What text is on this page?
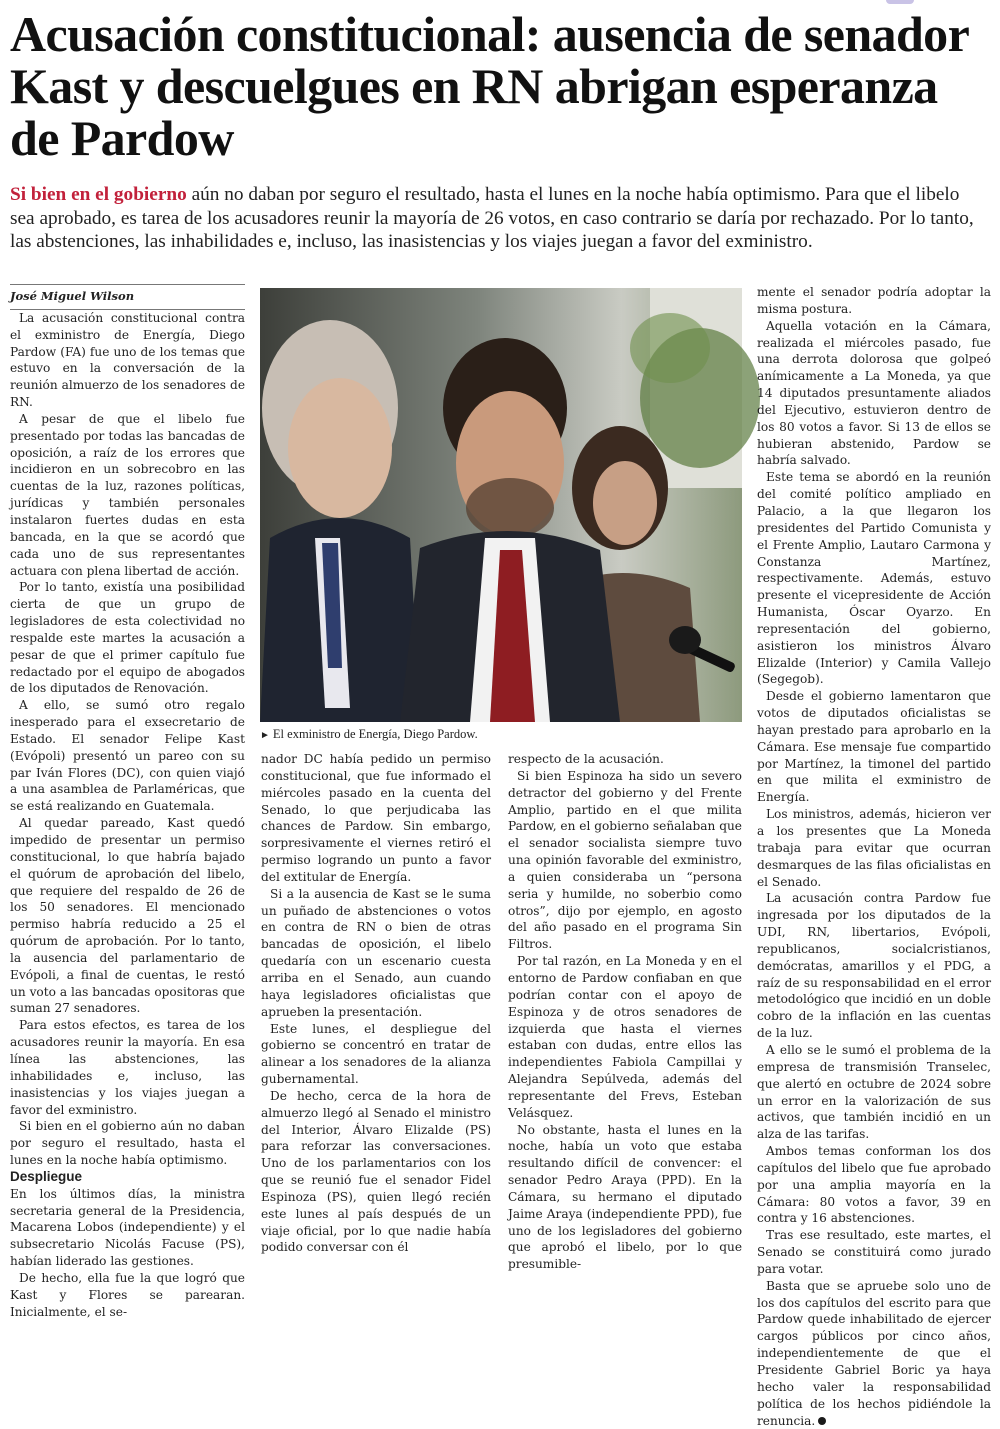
Acusación constitucional: ausencia de senador Kast y descuelgues en RN abrigan esperanza de Pardow

Si bien en el gobierno aún no daban por seguro el resultado, hasta el lunes en la noche había optimismo. Para que el libelo sea aprobado, es tarea de los acusadores reunir la mayoría de 26 votos, en caso contrario se daría por rechazado. Por lo tanto, las abstenciones, las inhabilidades e, incluso, las inasistencias y los viajes juegan a favor del exministro.

José Miguel Wilson

La acusación constitucional contra el exministro de Energía, Diego Pardow (FA) fue uno de los temas que estuvo en la conversación de la reunión almuerzo de los senadores de RN.

A pesar de que el libelo fue presentado por todas las bancadas de oposición, a raíz de los errores que incidieron en un sobrecobro en las cuentas de la luz, razones políticas, jurídicas y también personales instalaron fuertes dudas en esta bancada, en la que se acordó que cada uno de sus representantes actuara con plena libertad de acción.

Por lo tanto, existía una posibilidad cierta de que un grupo de legisladores de esta colectividad no respalde este martes la acusación a pesar de que el primer capítulo fue redactado por el equipo de abogados de los diputados de Renovación.

A ello, se sumó otro regalo inesperado para el exsecretario de Estado. El senador Felipe Kast (Evópoli) presentó un pareo con su par Iván Flores (DC), con quien viajó a una asamblea de Parlaméricas, que se está realizando en Guatemala.

Al quedar pareado, Kast quedó impedido de presentar un permiso constitucional, lo que habría bajado el quórum de aprobación del libelo, que requiere del respaldo de 26 de los 50 senadores. El mencionado permiso habría reducido a 25 el quórum de aprobación. Por lo tanto, la ausencia del parlamentario de Evópoli, a final de cuentas, le restó un voto a las bancadas opositoras que suman 27 senadores.

Para estos efectos, es tarea de los acusadores reunir la mayoría. En esa línea las abstenciones, las inhabilidades e, incluso, las inasistencias y los viajes juegan a favor del exministro.

Si bien en el gobierno aún no daban por seguro el resultado, hasta el lunes en la noche había optimismo.

Despliegue

En los últimos días, la ministra secretaria general de la Presidencia, Macarena Lobos (independiente) y el subsecretario Nicolás Facuse (PS), habían liderado las gestiones.

De hecho, ella fue la que logró que Kast y Flores se parearan. Inicialmente, el se-

► El exministro de Energía, Diego Pardow.

nador DC había pedido un permiso constitucional, que fue informado el miércoles pasado en la cuenta del Senado, lo que perjudicaba las chances de Pardow. Sin embargo, sorpresivamente el viernes retiró el permiso logrando un punto a favor del extitular de Energía.

Si a la ausencia de Kast se le suma un puñado de abstenciones o votos en contra de RN o bien de otras bancadas de oposición, el libelo quedaría con un escenario cuesta arriba en el Senado, aun cuando haya legisladores oficialistas que aprueben la presentación.

Este lunes, el despliegue del gobierno se concentró en tratar de alinear a los senadores de la alianza gubernamental.

De hecho, cerca de la hora de almuerzo llegó al Senado el ministro del Interior, Álvaro Elizalde (PS) para reforzar las conversaciones. Uno de los parlamentarios con los que se reunió fue el senador Fidel Espinoza (PS), quien llegó recién este lunes al país después de un viaje oficial, por lo que nadie había podido conversar con él

respecto de la acusación.

Si bien Espinoza ha sido un severo detractor del gobierno y del Frente Amplio, partido en el que milita Pardow, en el gobierno señalaban que el senador socialista siempre tuvo una opinión favorable del exministro, a quien consideraba un “persona seria y humilde, no soberbio como otros”, dijo por ejemplo, en agosto del año pasado en el programa Sin Filtros.

Por tal razón, en La Moneda y en el entorno de Pardow confiaban en que podrían contar con el apoyo de Espinoza y de otros senadores de izquierda que hasta el viernes estaban con dudas, entre ellos las independientes Fabiola Campillai y Alejandra Sepúlveda, además del representante del Frevs, Esteban Velásquez.

No obstante, hasta el lunes en la noche, había un voto que estaba resultando difícil de convencer: el senador Pedro Araya (PPD). En la Cámara, su hermano el diputado Jaime Araya (independiente PPD), fue uno de los legisladores del gobierno que aprobó el libelo, por lo que presumible-

mente el senador podría adoptar la misma postura.

Aquella votación en la Cámara, realizada el miércoles pasado, fue una derrota dolorosa que golpeó anímicamente a La Moneda, ya que 14 diputados presuntamente aliados del Ejecutivo, estuvieron dentro de los 80 votos a favor. Si 13 de ellos se hubieran abstenido, Pardow se habría salvado.

Este tema se abordó en la reunión del comité político ampliado en Palacio, a la que llegaron los presidentes del Partido Comunista y el Frente Amplio, Lautaro Carmona y Constanza Martínez, respectivamente. Además, estuvo presente el vicepresidente de Acción Humanista, Óscar Oyarzo. En representación del gobierno, asistieron los ministros Álvaro Elizalde (Interior) y Camila Vallejo (Segegob).

Desde el gobierno lamentaron que votos de diputados oficialistas se hayan prestado para aprobarlo en la Cámara. Ese mensaje fue compartido por Martínez, la timonel del partido en que milita el exministro de Energía.

Los ministros, además, hicieron ver a los presentes que La Moneda trabaja para evitar que ocurran desmarques de las filas oficialistas en el Senado.

La acusación contra Pardow fue ingresada por los diputados de la UDI, RN, libertarios, Evópoli, republicanos, socialcristianos, demócratas, amarillos y el PDG, a raíz de su responsabilidad en el error metodológico que incidió en un doble cobro de la inflación en las cuentas de la luz.

A ello se le sumó el problema de la empresa de transmisión Transelec, que alertó en octubre de 2024 sobre un error en la valorización de sus activos, que también incidió en un alza de las tarifas.

Ambos temas conforman los dos capítulos del libelo que fue aprobado por una amplia mayoría en la Cámara: 80 votos a favor, 39 en contra y 16 abstenciones.

Tras ese resultado, este martes, el Senado se constituirá como jurado para votar.

Basta que se apruebe solo uno de los dos capítulos del escrito para que Pardow quede inhabilitado de ejercer cargos públicos por cinco años, independientemente de que el Presidente Gabriel Boric ya haya hecho valer la responsabilidad política de los hechos pidiéndole la renuncia.
